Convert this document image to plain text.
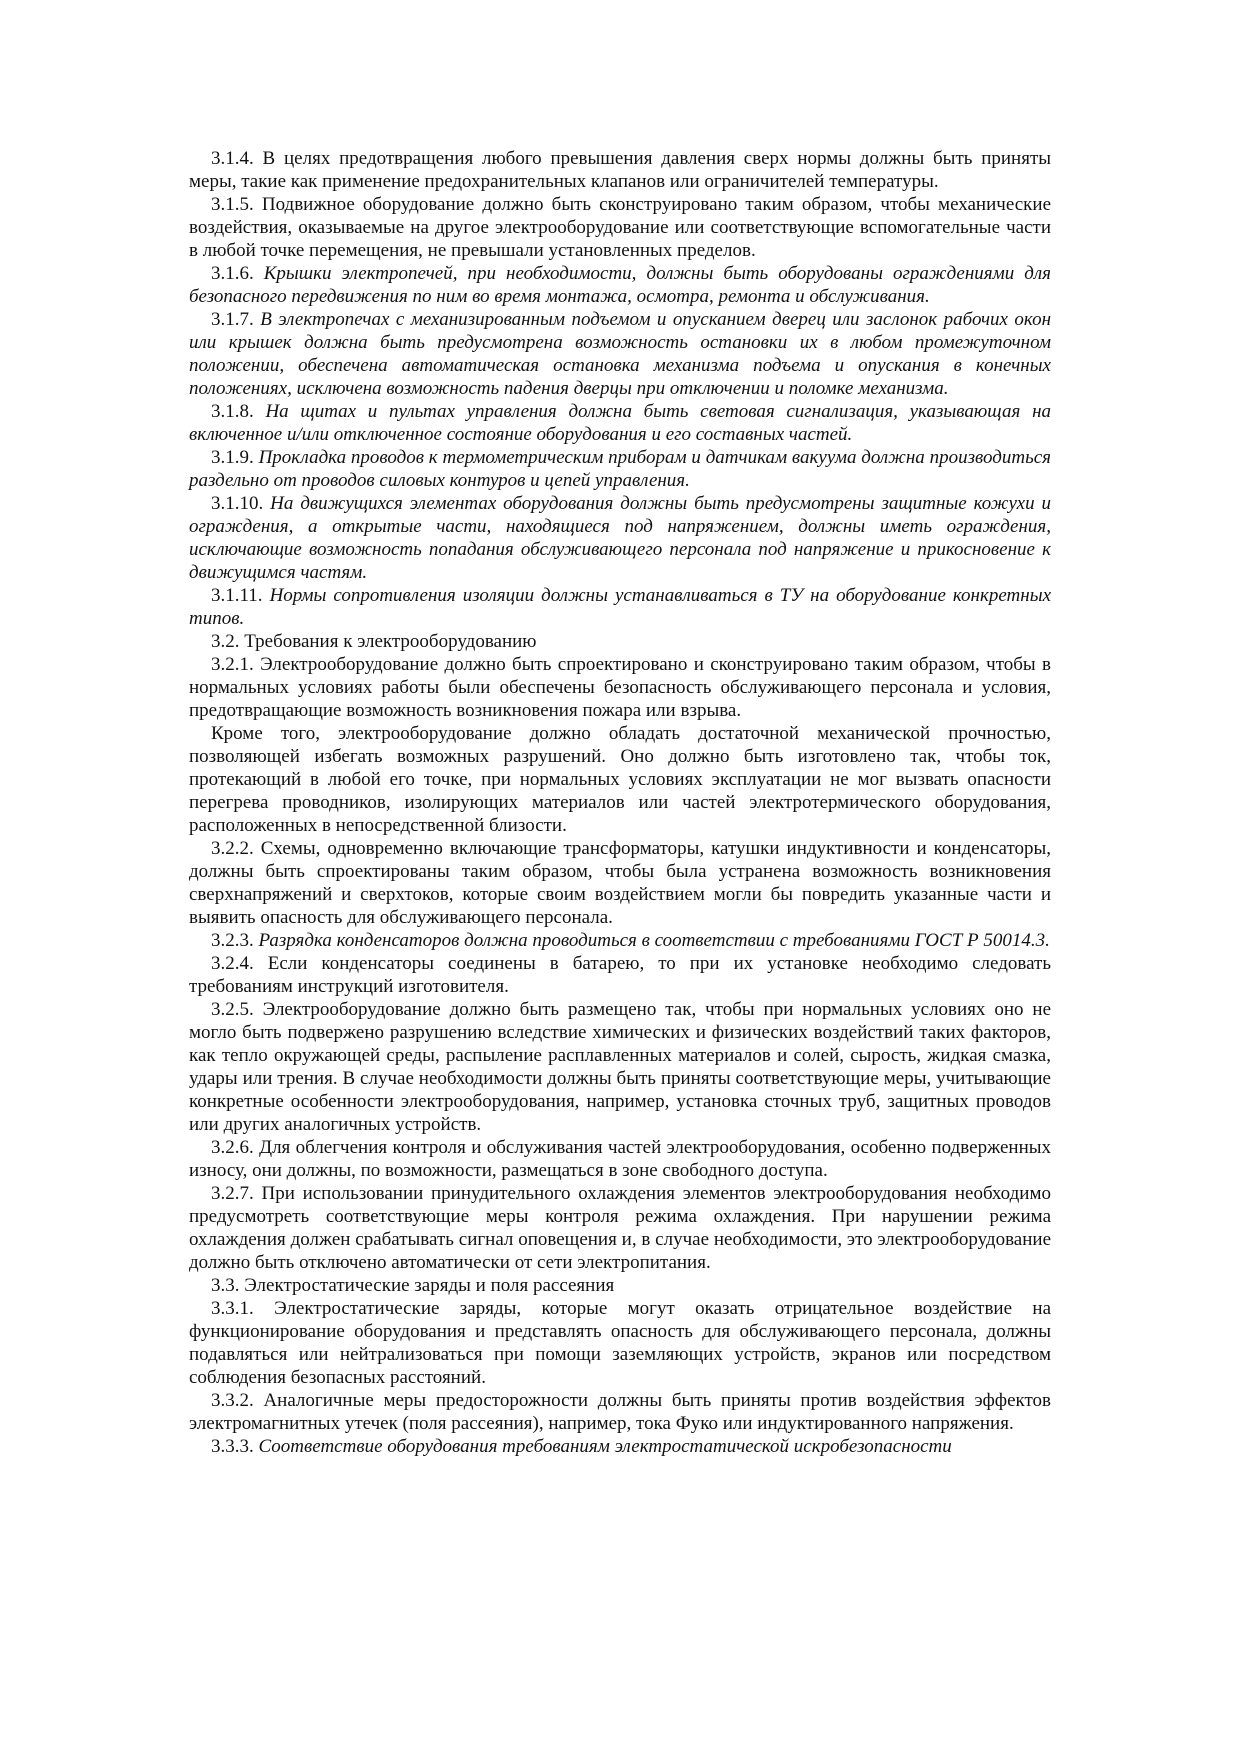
3.1.4. В целях предотвращения любого превышения давления сверх нормы должны быть приняты меры, такие как применение предохранительных клапанов или ограничителей температуры.

3.1.5. Подвижное оборудование должно быть сконструировано таким образом, чтобы механические воздействия, оказываемые на другое электрооборудование или соответствующие вспомогательные части в любой точке перемещения, не превышали установленных пределов.

3.1.6. Крышки электропечей, при необходимости, должны быть оборудованы ограждениями для безопасного передвижения по ним во время монтажа, осмотра, ремонта и обслуживания.

3.1.7. В электропечах с механизированным подъемом и опусканием дверец или заслонок рабочих окон или крышек должна быть предусмотрена возможность остановки их в любом промежуточном положении, обеспечена автоматическая остановка механизма подъема и опускания в конечных положениях, исключена возможность падения дверцы при отключении и поломке механизма.

3.1.8. На щитах и пультах управления должна быть световая сигнализация, указывающая на включенное и/или отключенное состояние оборудования и его составных частей.

3.1.9. Прокладка проводов к термометрическим приборам и датчикам вакуума должна производиться раздельно от проводов силовых контуров и цепей управления.

3.1.10. На движущихся элементах оборудования должны быть предусмотрены защитные кожухи и ограждения, а открытые части, находящиеся под напряжением, должны иметь ограждения, исключающие возможность попадания обслуживающего персонала под напряжение и прикосновение к движущимся частям.

3.1.11. Нормы сопротивления изоляции должны устанавливаться в ТУ на оборудование конкретных типов.

3.2. Требования к электрооборудованию

3.2.1. Электрооборудование должно быть спроектировано и сконструировано таким образом, чтобы в нормальных условиях работы были обеспечены безопасность обслуживающего персонала и условия, предотвращающие возможность возникновения пожара или взрыва.

Кроме того, электрооборудование должно обладать достаточной механической прочностью, позволяющей избегать возможных разрушений. Оно должно быть изготовлено так, чтобы ток, протекающий в любой его точке, при нормальных условиях эксплуатации не мог вызвать опасности перегрева проводников, изолирующих материалов или частей электротермического оборудования, расположенных в непосредственной близости.

3.2.2. Схемы, одновременно включающие трансформаторы, катушки индуктивности и конденсаторы, должны быть спроектированы таким образом, чтобы была устранена возможность возникновения сверхнапряжений и сверхтоков, которые своим воздействием могли бы повредить указанные части и выявить опасность для обслуживающего персонала.

3.2.3. Разрядка конденсаторов должна проводиться в соответствии с требованиями ГОСТ Р 50014.3.

3.2.4. Если конденсаторы соединены в батарею, то при их установке необходимо следовать требованиям инструкций изготовителя.

3.2.5. Электрооборудование должно быть размещено так, чтобы при нормальных условиях оно не могло быть подвержено разрушению вследствие химических и физических воздействий таких факторов, как тепло окружающей среды, распыление расплавленных материалов и солей, сырость, жидкая смазка, удары или трения. В случае необходимости должны быть приняты соответствующие меры, учитывающие конкретные особенности электрооборудования, например, установка сточных труб, защитных проводов или других аналогичных устройств.

3.2.6. Для облегчения контроля и обслуживания частей электрооборудования, особенно подверженных износу, они должны, по возможности, размещаться в зоне свободного доступа.

3.2.7. При использовании принудительного охлаждения элементов электрооборудования необходимо предусмотреть соответствующие меры контроля режима охлаждения. При нарушении режима охлаждения должен срабатывать сигнал оповещения и, в случае необходимости, это электрооборудование должно быть отключено автоматически от сети электропитания.

3.3. Электростатические заряды и поля рассеяния

3.3.1. Электростатические заряды, которые могут оказать отрицательное воздействие на функционирование оборудования и представлять опасность для обслуживающего персонала, должны подавляться или нейтрализоваться при помощи заземляющих устройств, экранов или посредством соблюдения безопасных расстояний.

3.3.2. Аналогичные меры предосторожности должны быть приняты против воздействия эффектов электромагнитных утечек (поля рассеяния), например, тока Фуко или индуктированного напряжения.

3.3.3. Соответствие оборудования требованиям электростатической искробезопасности
